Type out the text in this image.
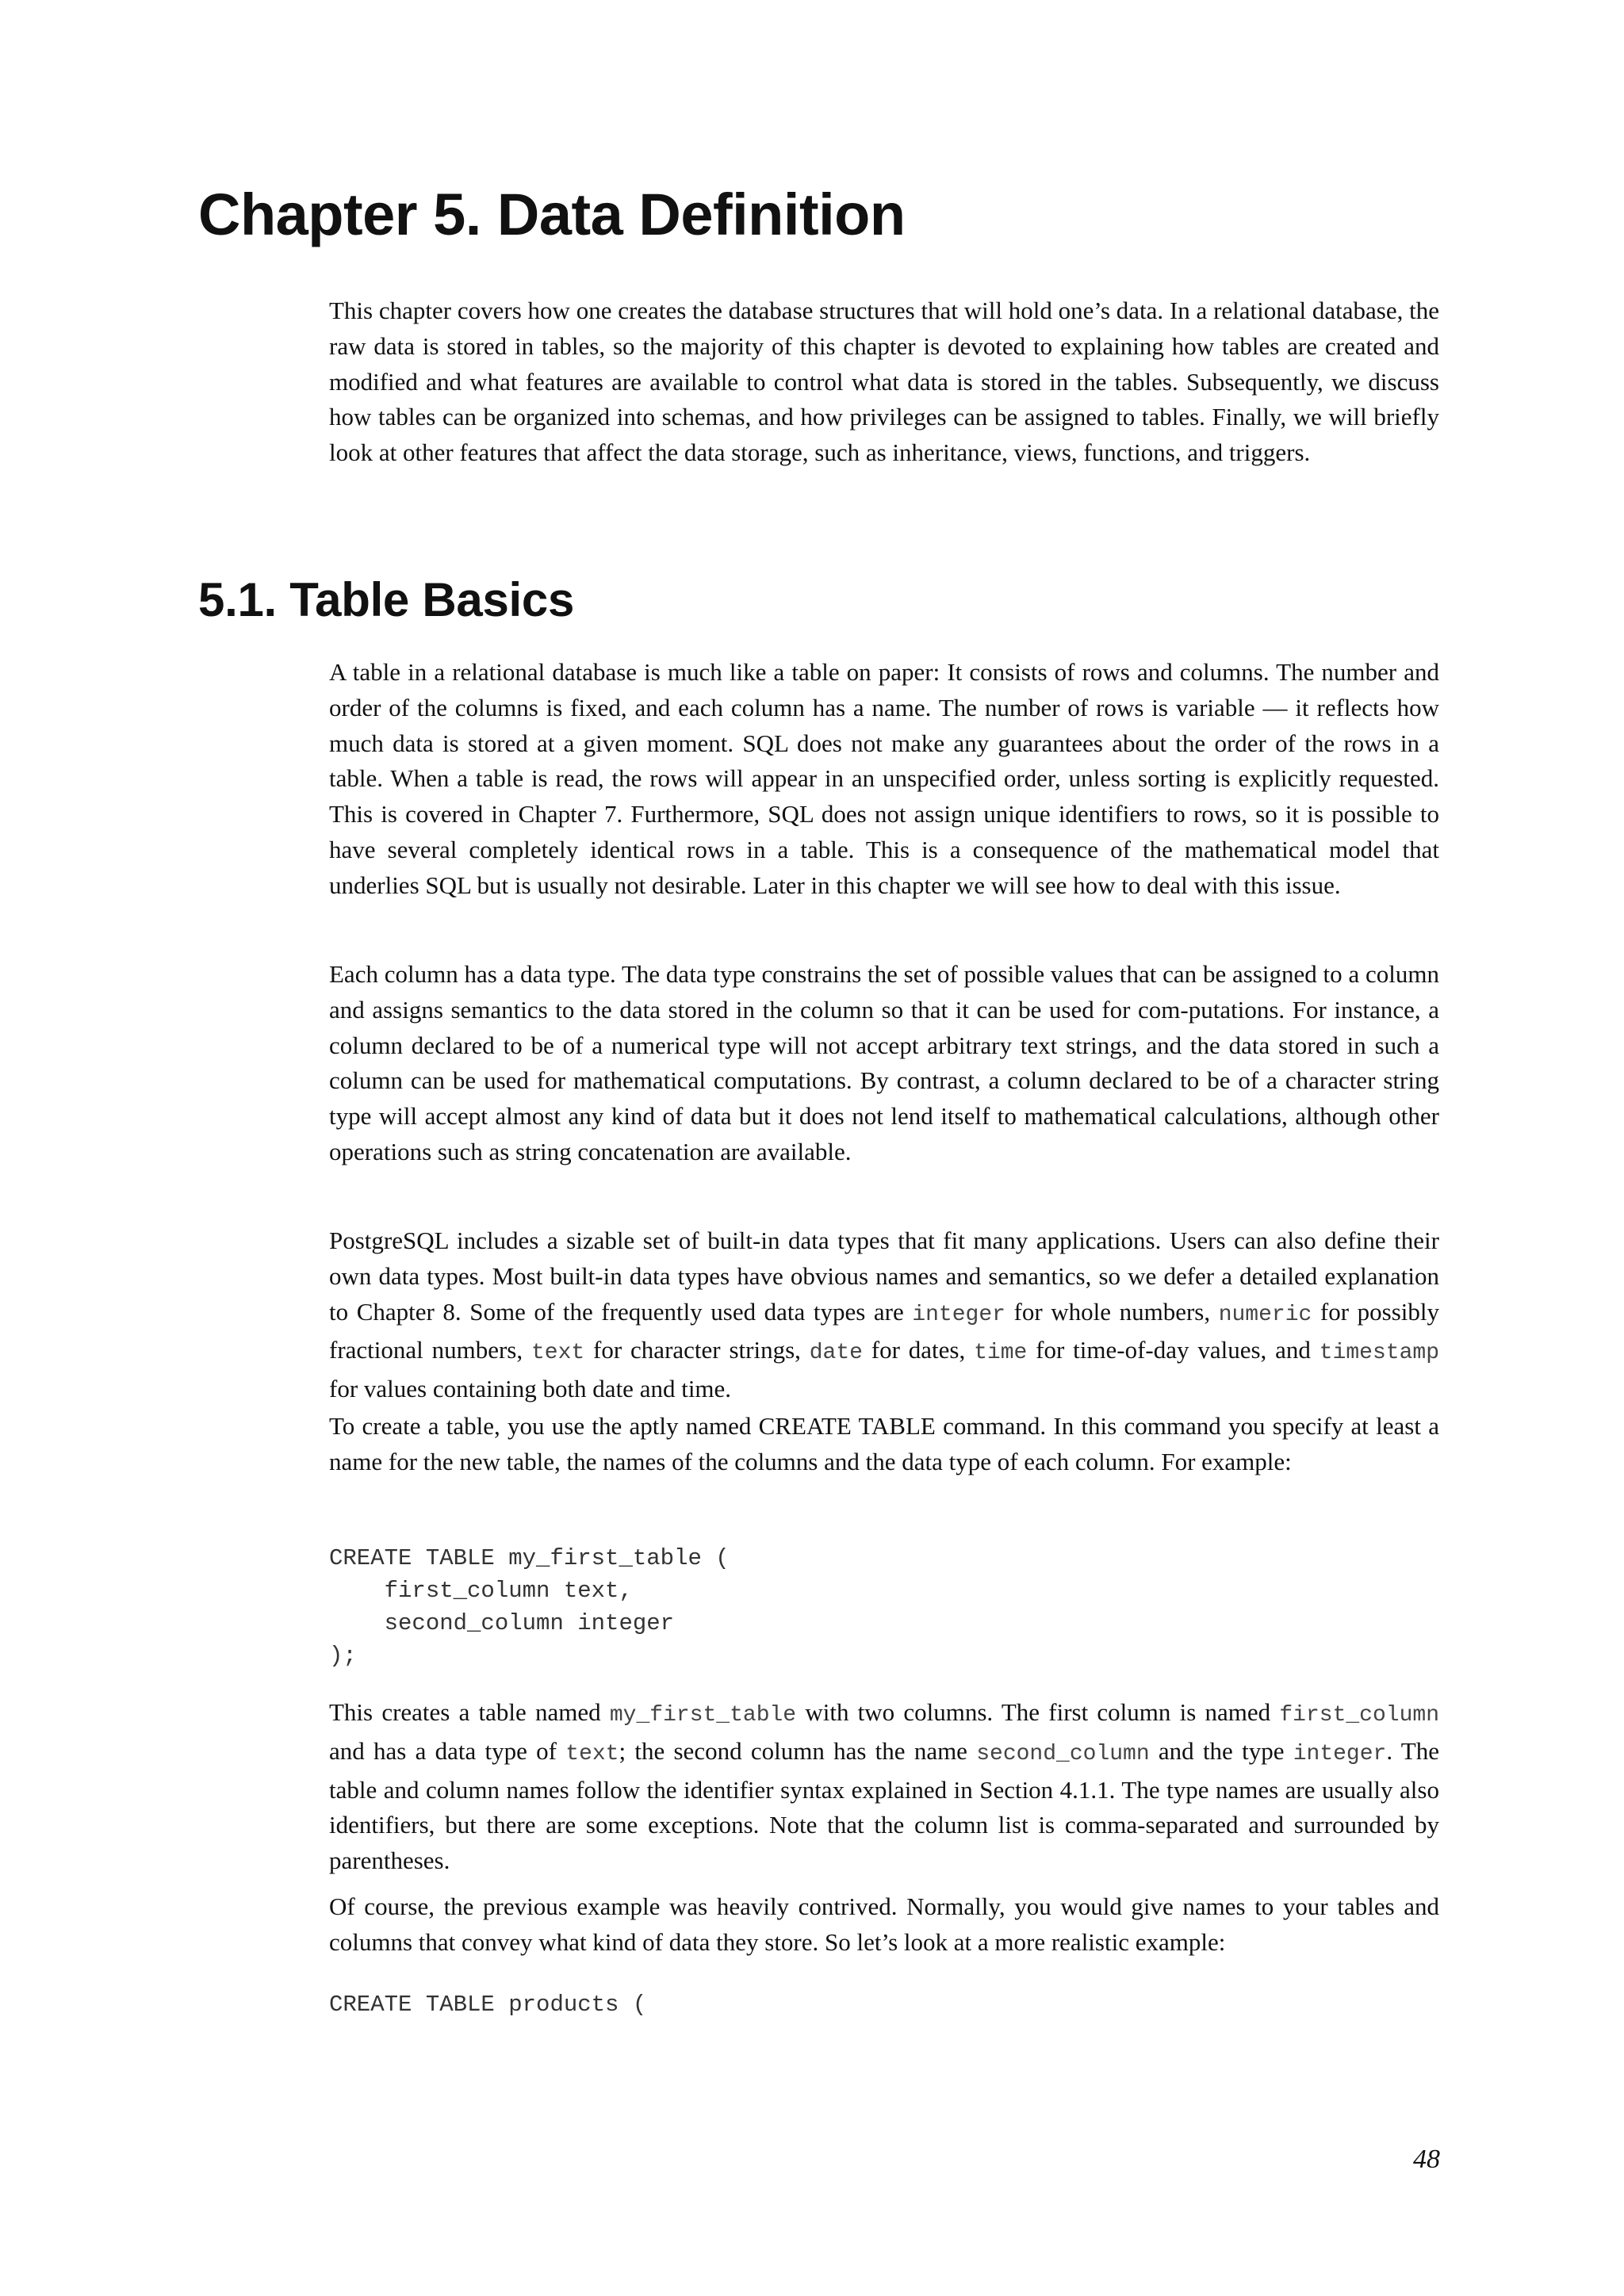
Chapter 5. Data Definition

This chapter covers how one creates the database structures that will hold one’s data. In a relational database, the raw data is stored in tables, so the majority of this chapter is devoted to explaining how tables are created and modified and what features are available to control what data is stored in the tables. Subsequently, we discuss how tables can be organized into schemas, and how privileges can be assigned to tables. Finally, we will briefly look at other features that affect the data storage, such as inheritance, views, functions, and triggers.

5.1. Table Basics

A table in a relational database is much like a table on paper: It consists of rows and columns. The number and order of the columns is fixed, and each column has a name. The number of rows is variable — it reflects how much data is stored at a given moment. SQL does not make any guarantees about the order of the rows in a table. When a table is read, the rows will appear in an unspecified order, unless sorting is explicitly requested. This is covered in Chapter 7. Furthermore, SQL does not assign unique identifiers to rows, so it is possible to have several completely identical rows in a table. This is a consequence of the mathematical model that underlies SQL but is usually not desirable. Later in this chapter we will see how to deal with this issue.

Each column has a data type. The data type constrains the set of possible values that can be assigned to a column and assigns semantics to the data stored in the column so that it can be used for com-putations. For instance, a column declared to be of a numerical type will not accept arbitrary text strings, and the data stored in such a column can be used for mathematical computations. By contrast, a column declared to be of a character string type will accept almost any kind of data but it does not lend itself to mathematical calculations, although other operations such as string concatenation are available.

PostgreSQL includes a sizable set of built-in data types that fit many applications. Users can also define their own data types. Most built-in data types have obvious names and semantics, so we defer a detailed explanation to Chapter 8. Some of the frequently used data types are integer for whole numbers, numeric for possibly fractional numbers, text for character strings, date for dates, time for time-of-day values, and timestamp for values containing both date and time.

To create a table, you use the aptly named CREATE TABLE command. In this command you specify at least a name for the new table, the names of the columns and the data type of each column. For example:

CREATE TABLE my_first_table (
first_column text,
second_column integer
);

This creates a table named my_first_table with two columns. The first column is named first_column and has a data type of text; the second column has the name second_column and the type integer. The table and column names follow the identifier syntax explained in Section 4.1.1. The type names are usually also identifiers, but there are some exceptions. Note that the column list is comma-separated and surrounded by parentheses.

Of course, the previous example was heavily contrived. Normally, you would give names to your tables and columns that convey what kind of data they store. So let’s look at a more realistic example:

CREATE TABLE products (
48
